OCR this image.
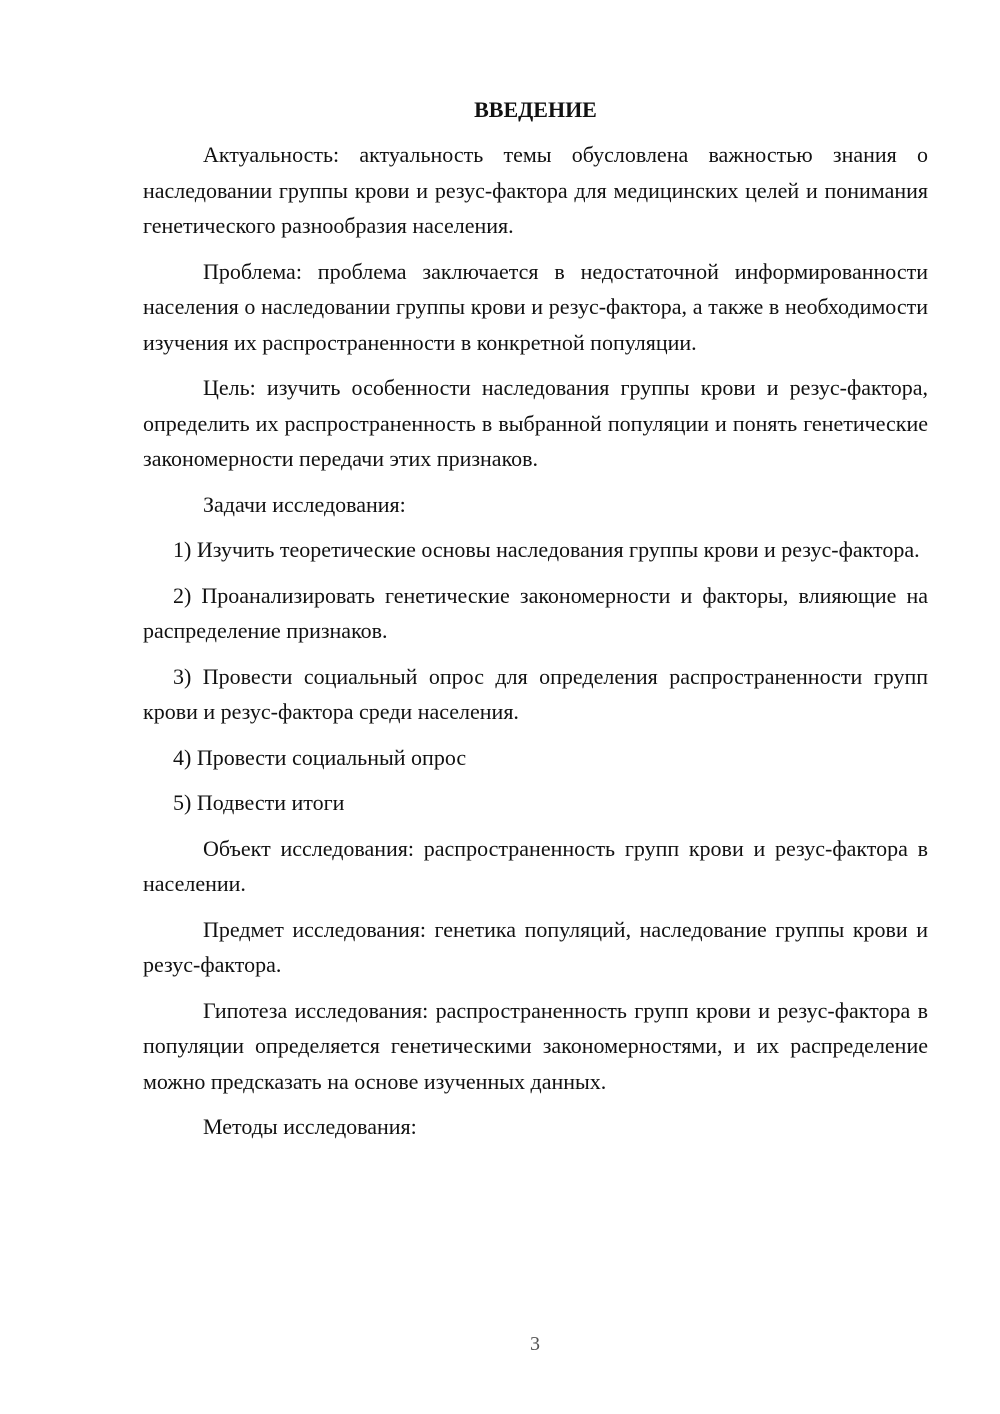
ВВЕДЕНИЕ

Актуальность: актуальность темы обусловлена важностью знания о наследовании группы крови и резус-фактора для медицинских целей и понимания генетического разнообразия населения.

Проблема: проблема заключается в недостаточной информированности населения о наследовании группы крови и резус-фактора, а также в необходимости изучения их распространенности в конкретной популяции.

Цель: изучить особенности наследования группы крови и резус-фактора, определить их распространенность в выбранной популяции и понять генетические закономерности передачи этих признаков.

Задачи исследования:

1) Изучить теоретические основы наследования группы крови и резус-фактора.

2) Проанализировать генетические закономерности и факторы, влияющие на распределение признаков.

3) Провести социальный опрос для определения распространенности групп крови и резус-фактора среди населения.

4) Провести социальный опрос

5) Подвести итоги

Объект исследования: распространенность групп крови и резус-фактора в населении.

Предмет исследования: генетика популяций, наследование группы крови и резус-фактора.

Гипотеза исследования: распространенность групп крови и резус-фактора в популяции определяется генетическими закономерностями, и их распределение можно предсказать на основе изученных данных.

Методы исследования:

3
